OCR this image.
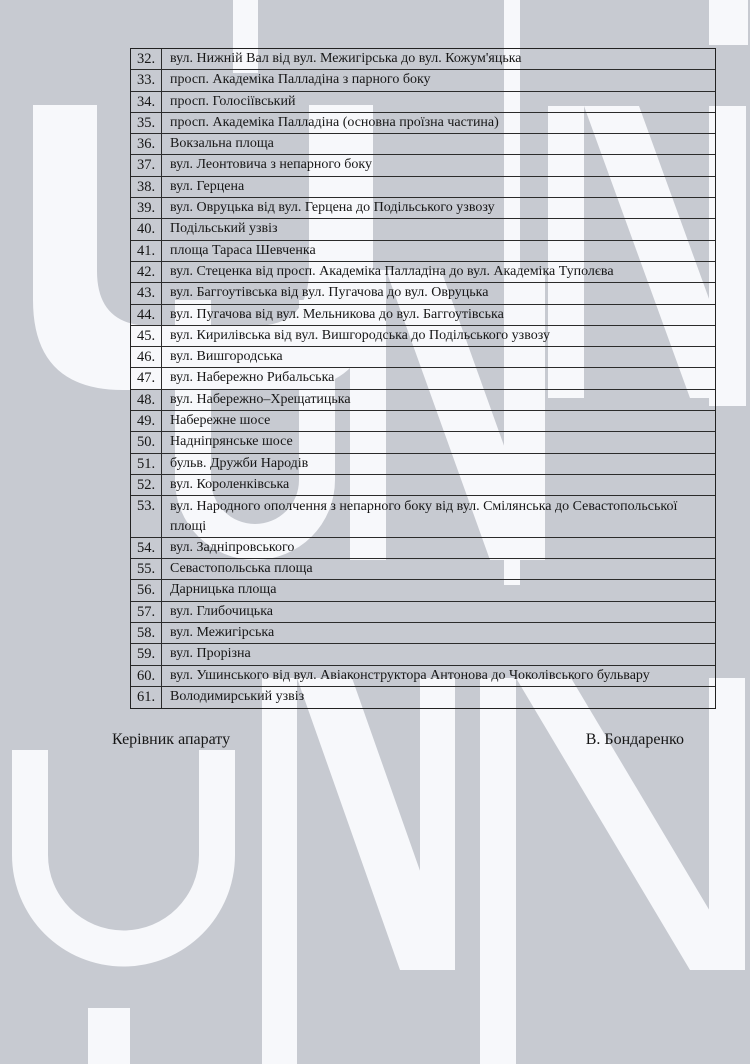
32.	вул. Нижній Вал від вул. Межигірська до вул. Кожум'яцька
33.	просп. Академіка Палладіна з парного боку
34.	просп. Голосіївський
35.	просп. Академіка Палладіна (основна проїзна частина)
36.	Вокзальна площа
37.	вул. Леонтовича з непарного боку
38.	вул. Герцена
39.	вул. Овруцька від вул. Герцена до Подільського узвозу
40.	Подільський узвіз
41.	площа Тараса Шевченка
42.	вул. Стеценка від просп. Академіка Палладіна до вул. Академіка Туполєва
43.	вул. Баггоутівська від вул. Пугачова до вул. Овруцька
44.	вул. Пугачова від вул. Мельникова до вул. Баггоутівська
45.	вул. Кирилівська від вул. Вишгородська до Подільського узвозу
46.	вул. Вишгородська
47.	вул. Набережно Рибальська
48.	вул. Набережно–Хрещатицька
49.	Набережне шосе
50.	Надніпрянське шосе
51.	бульв. Дружби Народів
52.	вул. Короленківська
53.	вул. Народного ополчення з непарного боку від вул. Смілянська до Севастопольської площі
54.	вул. Задніпровського
55.	Севастопольська площа
56.	Дарницька площа
57.	вул. Глибочицька
58.	вул. Межигірська
59.	вул. Прорізна
60.	вул. Ушинського від вул. Авіаконструктора Антонова до Чоколівського бульвару
61.	Володимирський узвіз
Керівник апарату	В. Бондаренко
